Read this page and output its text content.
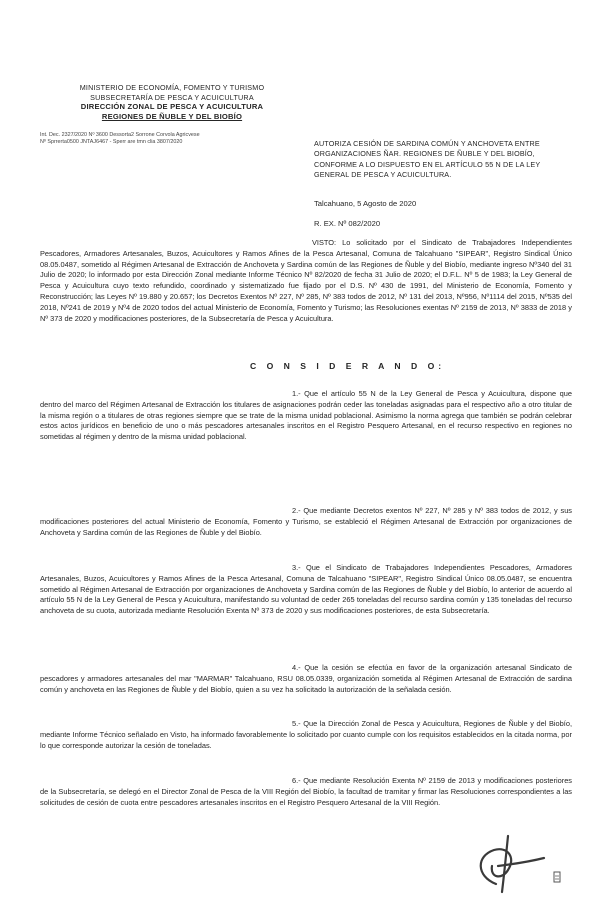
MINISTERIO DE ECONOMÍA, FOMENTO Y TURISMO
SUBSECRETARÍA DE PESCA Y ACUICULTURA
DIRECCIÓN ZONAL DE PESCA Y ACUICULTURA
REGIONES DE ÑUBLE Y DEL BIOBÍO
Int. Dec. 2327/2020 Nº 3600 Dessorta2 Sorrone Corvola Agricvese
Nº Sprrerta0500 JNTAJ6467 - Sperr are tmn clia 3807/2020	AUTORIZA CESIÓN DE SARDINA COMÚN Y ANCHOVETA ENTRE ORGANIZACIONES ÑAR. REGIONES DE ÑUBLE Y DEL BIOBÍO, CONFORME A LO DISPUESTO EN EL ARTÍCULO 55 N DE LA LEY GENERAL DE PESCA Y ACUICULTURA.
Talcahuano, 5 Agosto de 2020
R. EX. Nº 082/2020
VISTO: Lo solicitado por el Sindicato de Trabajadores Independientes Pescadores, Armadores Artesanales, Buzos, Acuicultores y Ramos Afines de la Pesca Artesanal, Comuna de Talcahuano "SIPEAR", Registro Sindical Único 08.05.0487, sometido al Régimen Artesanal de Extracción de Anchoveta y Sardina común de las Regiones de Ñuble y del Biobío, mediante ingreso Nº340 del 31 Julio de 2020; lo informado por esta Dirección Zonal mediante Informe Técnico Nº 82/2020 de fecha 31 Julio de 2020; el D.F.L. Nº 5 de 1983; la Ley General de Pesca y Acuicultura cuyo texto refundido, coordinado y sistematizado fue fijado por el D.S. Nº 430 de 1991, del Ministerio de Economía, Fomento y Reconstrucción; las Leyes Nº 19.880 y 20.657; los Decretos Exentos Nº 227, Nº 285, Nº 383 todos de 2012, Nº 131 del 2013, Nº956, Nº1114 del 2015, Nº535 del 2018, Nº241 de 2019 y Nº4 de 2020 todos del actual Ministerio de Economía, Fomento y Turismo; las Resoluciones exentas Nº 2159 de 2013, Nº 3833 de 2018 y Nº 373 de 2020 y modificaciones posteriores, de la Subsecretaría de Pesca y Acuicultura.
C O N S I D E R A N D O:

1.- Que el artículo 55 N de la Ley General de Pesca y Acuicultura, dispone que dentro del marco del Régimen Artesanal de Extracción los titulares de asignaciones podrán ceder las toneladas asignadas para el respectivo año a otro titular de la misma región o a titulares de otras regiones siempre que se trate de la misma unidad poblacional. Asimismo la norma agrega que también se podrán celebrar estos actos jurídicos en beneficio de uno o más pescadores artesanales inscritos en el Registro Pesquero Artesanal, en el recurso respectivo en regiones no sometidas al régimen y dentro de la misma unidad poblacional.

2.- Que mediante Decretos exentos Nº 227, Nº 285 y Nº 383 todos de 2012, y sus modificaciones posteriores del actual Ministerio de Economía, Fomento y Turismo, se estableció el Régimen Artesanal de Extracción por organizaciones de Anchoveta y Sardina común de las Regiones de Ñuble y del Biobío.

3.- Que el Sindicato de Trabajadores Independientes Pescadores, Armadores Artesanales, Buzos, Acuicultores y Ramos Afines de la Pesca Artesanal, Comuna de Talcahuano "SIPEAR", Registro Sindical Único 08.05.0487, se encuentra sometido al Régimen Artesanal de Extracción por organizaciones de Anchoveta y Sardina común de las Regiones de Ñuble y del Biobío, lo anterior de acuerdo al artículo 55 N de la Ley General de Pesca y Acuicultura, manifestando su voluntad de ceder 265 toneladas del recurso sardina común y 135 toneladas del recurso anchoveta de su cuota, autorizada mediante Resolución Exenta Nº 373 de 2020 y sus modificaciones posteriores, de esta Subsecretaría.

4.- Que la cesión se efectúa en favor de la organización artesanal Sindicato de pescadores y armadores artesanales del mar "MARMAR" Talcahuano, RSU 08.05.0339, organización sometida al Régimen Artesanal de Extracción de sardina común y anchoveta en las Regiones de Ñuble y del Biobío, quien a su vez ha solicitado la autorización de la señalada cesión.

5.- Que la Dirección Zonal de Pesca y Acuicultura, Regiones de Ñuble y del Biobío, mediante Informe Técnico señalado en Visto, ha informado favorablemente lo solicitado por cuanto cumple con los requisitos establecidos en la citada norma, por lo que corresponde autorizar la cesión de toneladas.

6.- Que mediante Resolución Exenta Nº 2159 de 2013 y modificaciones posteriores de la Subsecretaría, se delegó en el Director Zonal de Pesca de la VIII Región del Biobío, la facultad de tramitar y firmar las Resoluciones correspondientes a las solicitudes de cesión de cuota entre pescadores artesanales inscritos en el Registro Pesquero Artesanal de la VIII Región.
